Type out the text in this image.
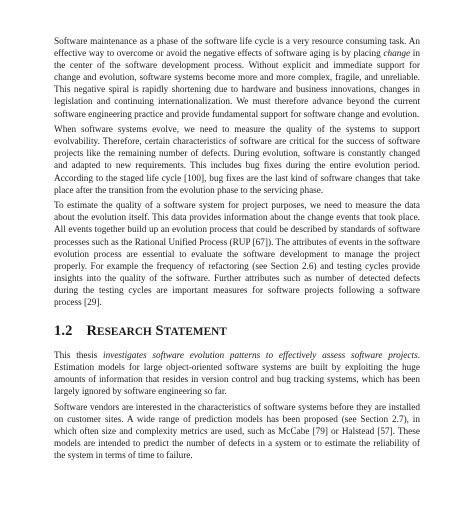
Software maintenance as a phase of the software life cycle is a very resource consuming task. An effective way to overcome or avoid the negative effects of software aging is by placing change in the center of the software development process. Without explicit and immediate support for change and evolution, software systems become more and more complex, fragile, and unreliable. This negative spiral is rapidly shortening due to hardware and business innovations, changes in legislation and continuing internationalization. We must therefore advance beyond the current software engineering practice and provide fundamental support for software change and evolution.

When software systems evolve, we need to measure the quality of the systems to support evolvability. Therefore, certain characteristics of software are critical for the success of software projects like the remaining number of defects. During evolution, software is constantly changed and adapted to new requirements. This includes bug fixes during the entire evolution period. According to the staged life cycle [100], bug fixes are the last kind of software changes that take place after the transition from the evolution phase to the servicing phase.

To estimate the quality of a software system for project purposes, we need to measure the data about the evolution itself. This data provides information about the change events that took place. All events together build up an evolution process that could be described by standards of software processes such as the Rational Unified Process (RUP [67]). The attributes of events in the software evolution process are essential to evaluate the software development to manage the project properly. For example the frequency of refactoring (see Section 2.6) and testing cycles provide insights into the quality of the software. Further attributes such as number of detected defects during the testing cycles are important measures for software projects following a software process [29].

1.2 RESEARCH STATEMENT

This thesis investigates software evolution patterns to effectively assess software projects. Estimation models for large object-oriented software systems are built by exploiting the huge amounts of information that resides in version control and bug tracking systems, which has been largely ignored by software engineering so far.

Software vendors are interested in the characteristics of software systems before they are installed on customer sites. A wide range of prediction models has been proposed (see Section 2.7), in which often size and complexity metrics are used, such as McCabe [79] or Halstead [57]. These models are intended to predict the number of defects in a system or to estimate the reliability of the system in terms of time to failure.
